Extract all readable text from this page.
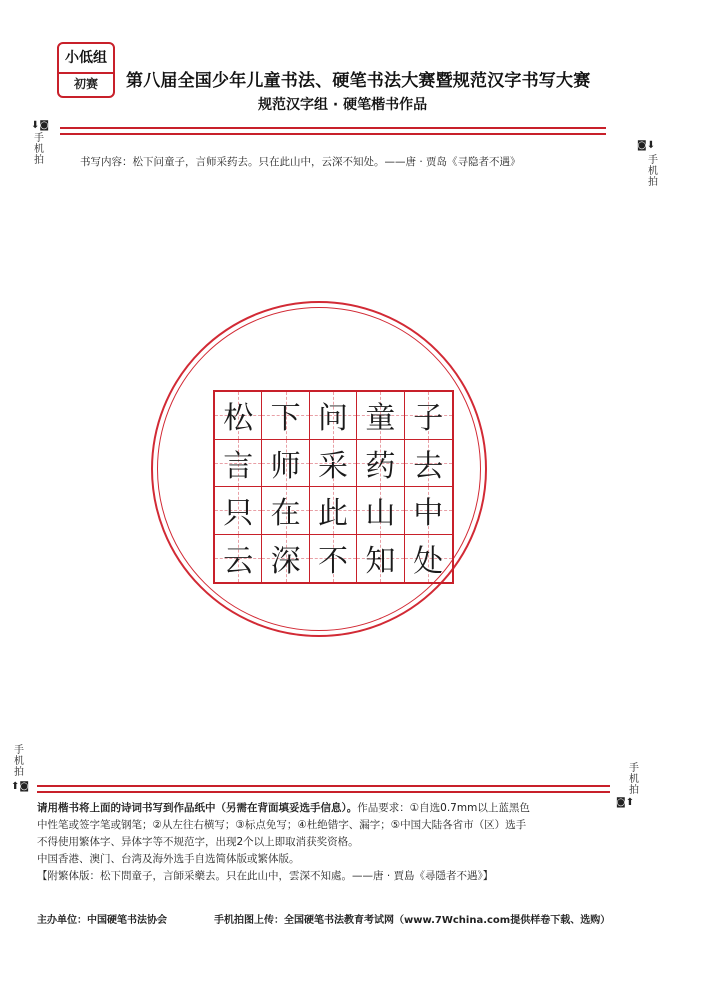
小低组
初赛	第八届全国少年儿童书法、硬笔书法大赛暨规范汉字书写大赛
规范汉字组 · 硬笔楷书作品
⬇◙
手机拍
◙⬇
手机拍
书写内容：松下问童子，言师采药去。只在此山中，云深不知处。——唐 · 贾岛《寻隐者不遇》
松 下 问 童 子
言 师 采 药 去
只 在 此 山 中
云 深 不 知 处
手机拍
⬆◙
手机拍
◙⬆
请用楷书将上面的诗词书写到作品纸中（另需在背面填妥选手信息）。作品要求：①自选0.7mm以上蓝黑色
中性笔或签字笔或钢笔；②从左往右横写；③标点免写；④杜绝错字、漏字；⑤中国大陆各省市（区）选手
不得使用繁体字、异体字等不规范字，出现2个以上即取消获奖资格。
中国香港、澳门、台湾及海外选手自选简体版或繁体版。
【附繁体版：松下問童子，言師采藥去。只在此山中，雲深不知處。——唐 · 賈島《尋隱者不遇》】
主办单位：中国硬笔书法协会	手机拍图上传：全国硬笔书法教育考试网（www.7Wchina.com提供样卷下载、选购）
